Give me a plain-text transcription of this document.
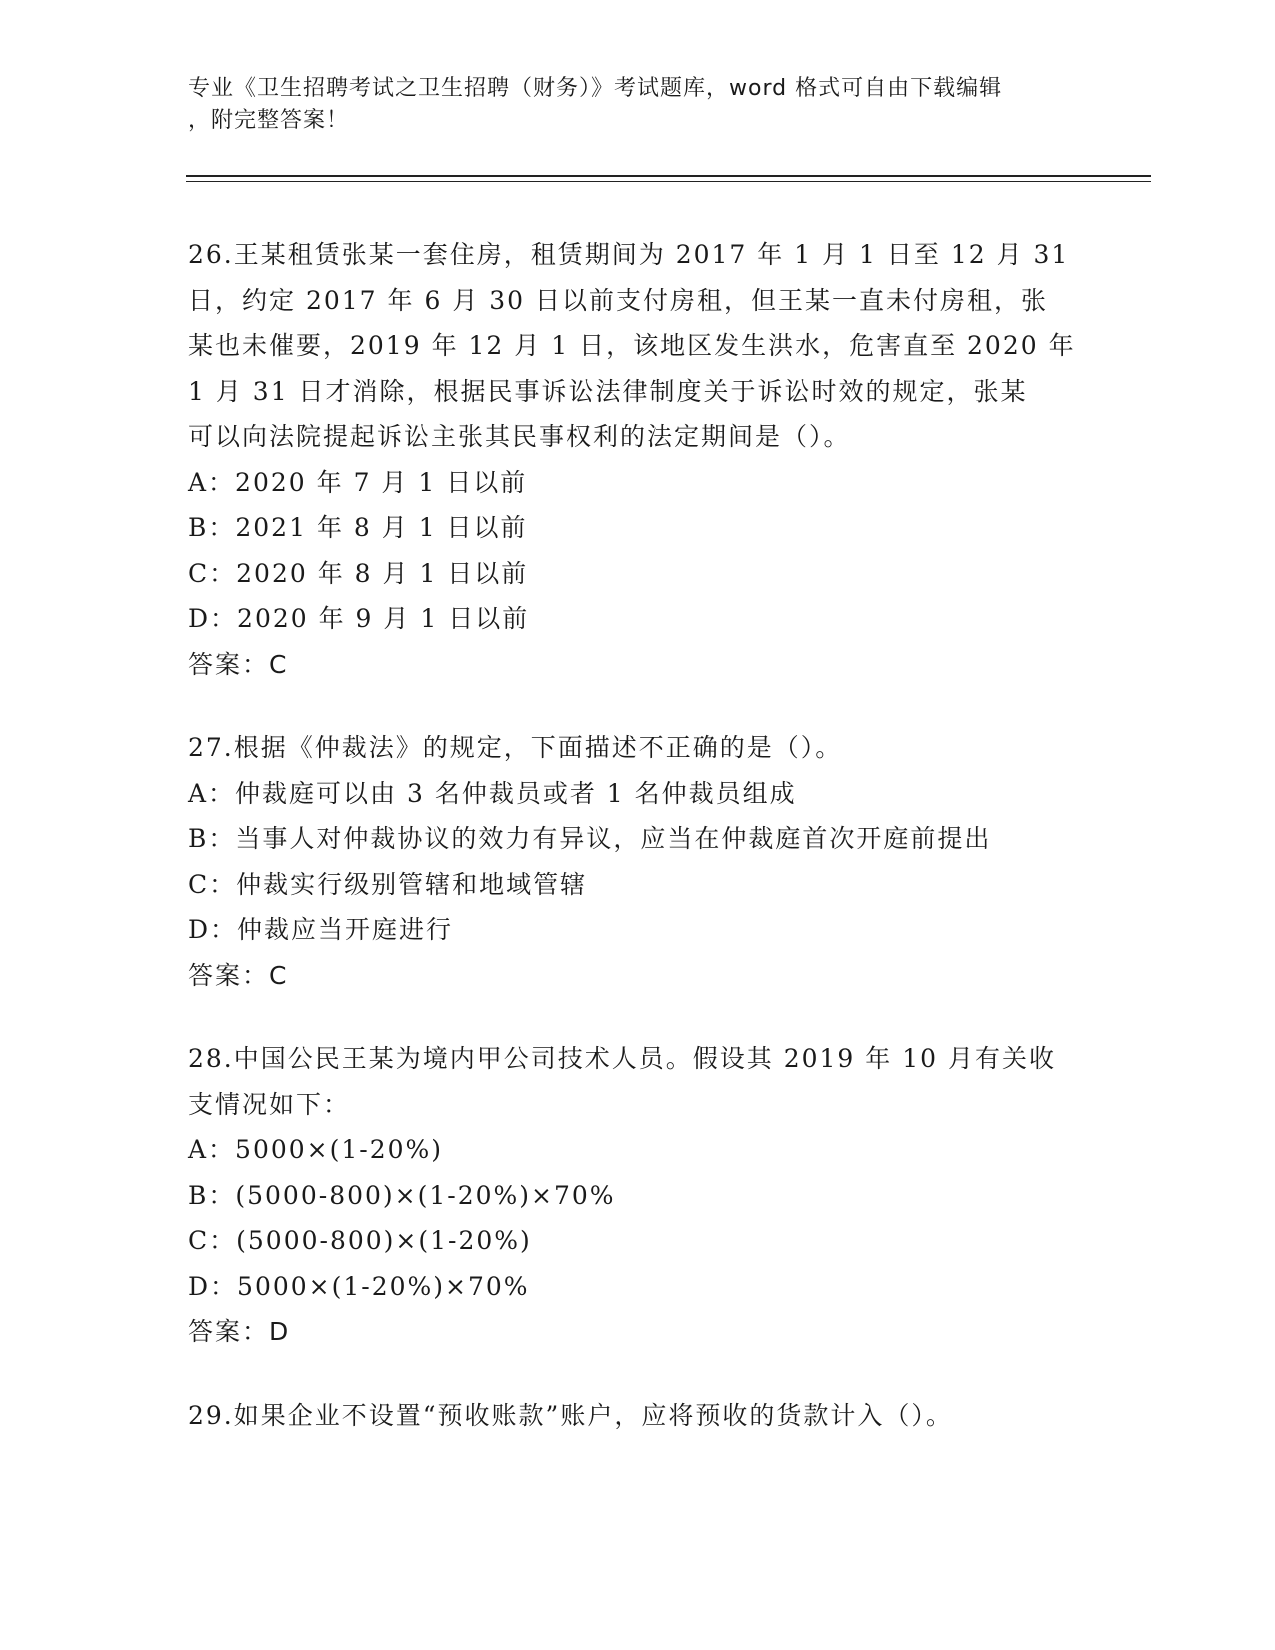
专业《卫生招聘考试之卫生招聘（财务）》考试题库，word 格式可自由下载编辑
，附完整答案！
26.王某租赁张某一套住房，租赁期间为 2017 年 1 月 1 日至 12 月 31
日，约定 2017 年 6 月 30 日以前支付房租，但王某一直未付房租，张
某也未催要，2019 年 12 月 1 日，该地区发生洪水，危害直至 2020 年
1 月 31 日才消除，根据民事诉讼法律制度关于诉讼时效的规定，张某
可以向法院提起诉讼主张其民事权利的法定期间是（）。
A：2020 年 7 月 1 日以前
B：2021 年 8 月 1 日以前
C：2020 年 8 月 1 日以前
D：2020 年 9 月 1 日以前
答案：C
27.根据《仲裁法》的规定，下面描述不正确的是（）。
A：仲裁庭可以由 3 名仲裁员或者 1 名仲裁员组成
B：当事人对仲裁协议的效力有异议，应当在仲裁庭首次开庭前提出
C：仲裁实行级别管辖和地域管辖
D：仲裁应当开庭进行
答案：C
28.中国公民王某为境内甲公司技术人员。假设其 2019 年 10 月有关收
支情况如下：
A：5000×(1-20%)
B：(5000-800)×(1-20%)×70%
C：(5000-800)×(1-20%)
D：5000×(1-20%)×70%
答案：D
29.如果企业不设置“预收账款”账户，应将预收的货款计入（）。
